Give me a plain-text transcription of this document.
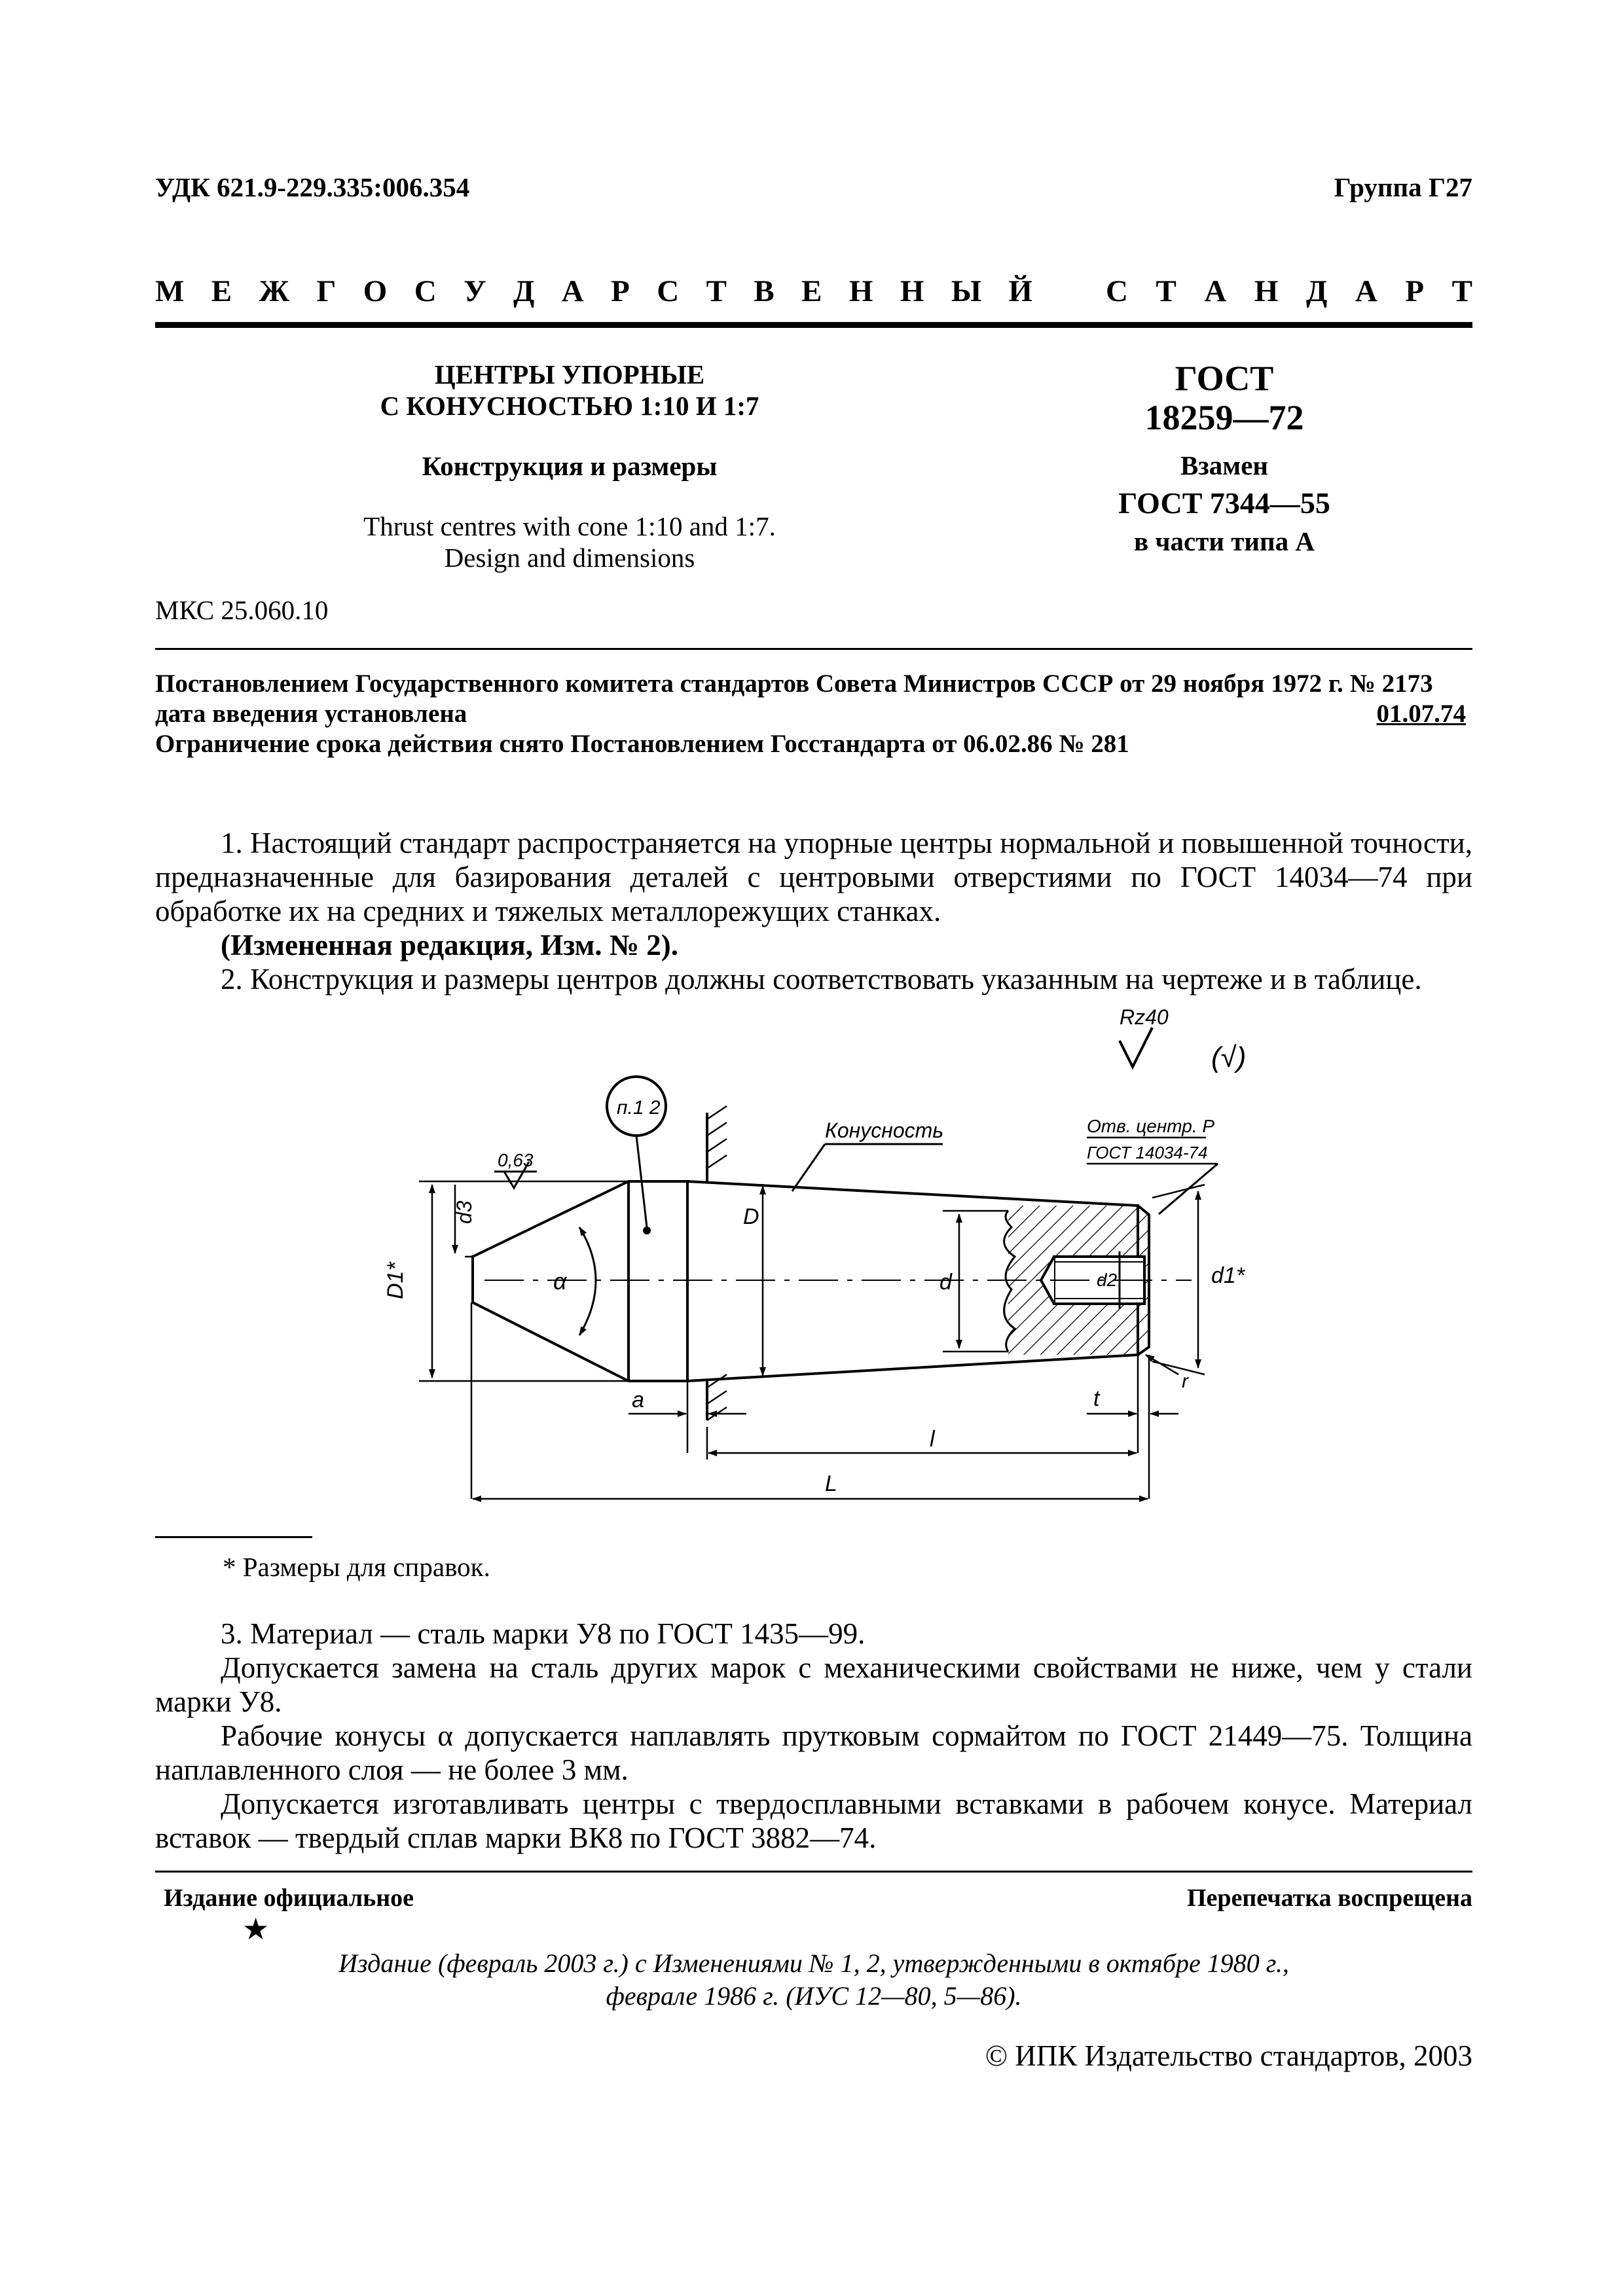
УДК 621.9-229.335:006.354	Группа Г27
М Е Ж Г О С У Д А Р С Т В Е Н Н Ы Й С Т А Н Д А Р Т
ЦЕНТРЫ УПОРНЫЕ
С КОНУСНОСТЬЮ 1:10 И 1:7
Конструкция и размеры
Thrust centres with cone 1:10 and 1:7.
Design and dimensions
ГОСТ
18259—72
Взамен
ГОСТ 7344—55
в части типа А
МКС 25.060.10
Постановлением Государственного комитета стандартов Совета Министров СССР от 29 ноября 1972 г. № 2173
дата введения установлена	01.07.74
Ограничение срока действия снято Постановлением Госстандарта от 06.02.86 № 281
1. Настоящий стандарт распространяется на упорные центры нормальной и повышенной точности, предназначенные для базирования деталей с центровыми отверстиями по ГОСТ 14034—74 при обработке их на средних и тяжелых металлорежущих станках.
(Измененная редакция, Изм. № 2).
2. Конструкция и размеры центров должны соответствовать указанным на чертеже и в таблице.
Rz40
(√)
п.1 2
0,63
Конусность	Отв. центр. Р
ГОСТ 14034-74
D1*
d3
α
D
d	d2	d1*
r
a
l
t
L
* Размеры для справок.
3. Материал — сталь марки У8 по ГОСТ 1435—99.
Допускается замена на сталь других марок с механическими свойствами не ниже, чем у стали марки У8.
Рабочие конусы α допускается наплавлять прутковым сормайтом по ГОСТ 21449—75. Толщина наплавленного слоя — не более 3 мм.
Допускается изготавливать центры с твердосплавными вставками в рабочем конусе. Материал вставок — твердый сплав марки ВК8 по ГОСТ 3882—74.
Издание официальное	Перепечатка воспрещена
★
Издание (февраль 2003 г.) с Изменениями № 1, 2, утвержденными в октябре 1980 г.,
феврале 1986 г. (ИУС 12—80, 5—86).
© ИПК Издательство стандартов, 2003
